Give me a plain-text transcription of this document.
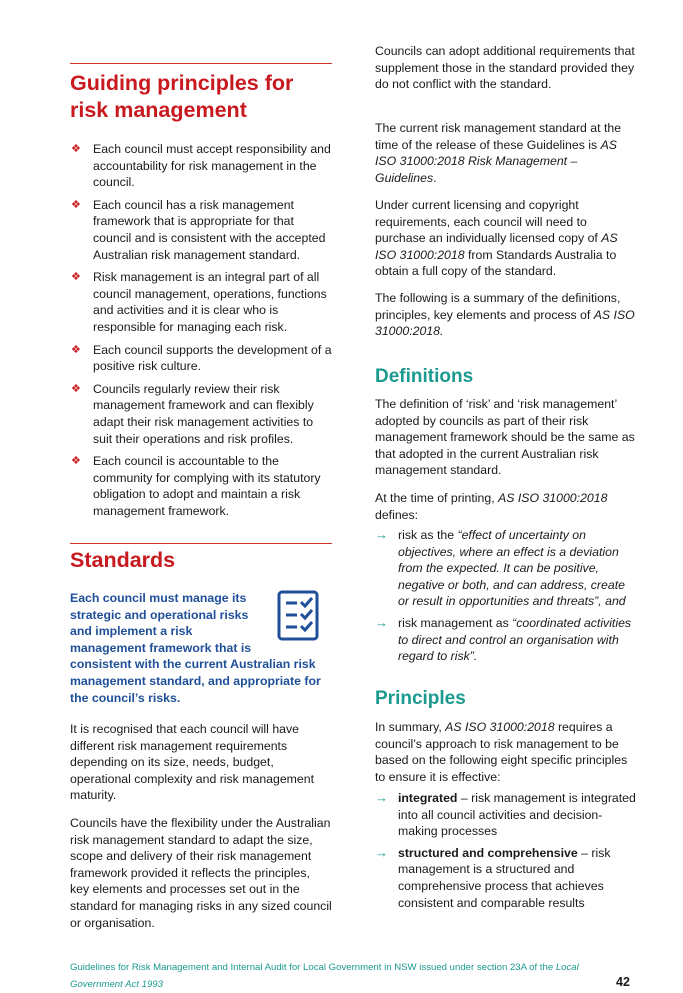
Guiding principles for
risk management
❖ Each council must accept responsibility and accountability for risk management in the council.
❖ Each council has a risk management framework that is appropriate for that council and is consistent with the accepted Australian risk management standard.
❖ Risk management is an integral part of all council management, operations, functions and activities and it is clear who is responsible for managing each risk.
❖ Each council supports the development of a positive risk culture.
❖ Councils regularly review their risk management framework and can flexibly adapt their risk management activities to suit their operations and risk profiles.
❖ Each council is accountable to the community for complying with its statutory obligation to adopt and maintain a risk management framework.
Standards
Each council must manage its
strategic and operational risks
and implement a risk
management framework that is
consistent with the current Australian risk
management standard, and appropriate for
the council’s risks.

It is recognised that each council will have different risk management requirements depending on its size, needs, budget, operational complexity and risk management maturity.

Councils have the flexibility under the Australian risk management standard to adapt the size, scope and delivery of their risk management framework provided it reflects the principles, key elements and processes set out in the standard for managing risks in any sized council or organisation.

Councils can adopt additional requirements that supplement those in the standard provided they do not conflict with the standard.

The current risk management standard at the time of the release of these Guidelines is AS ISO 31000:2018 Risk Management – Guidelines.

Under current licensing and copyright requirements, each council will need to purchase an individually licensed copy of AS ISO 31000:2018 from Standards Australia to obtain a full copy of the standard.

The following is a summary of the definitions, principles, key elements and process of AS ISO 31000:2018.

Definitions

The definition of ‘risk’ and ‘risk management’ adopted by councils as part of their risk management framework should be the same as that adopted in the current Australian risk management standard.

At the time of printing, AS ISO 31000:2018 defines:

→ risk as the “effect of uncertainty on objectives, where an effect is a deviation from the expected. It can be positive, negative or both, and can address, create or result in opportunities and threats”, and
→ risk management as “coordinated activities to direct and control an organisation with regard to risk”.
Principles

In summary, AS ISO 31000:2018 requires a council’s approach to risk management to be based on the following eight specific principles to ensure it is effective:

→ integrated – risk management is integrated into all council activities and decision-making processes
→ structured and comprehensive – risk management is a structured and comprehensive process that achieves consistent and comparable results
Guidelines for Risk Management and Internal Audit for Local Government in NSW issued under section 23A of the Local Government Act 1993	42
